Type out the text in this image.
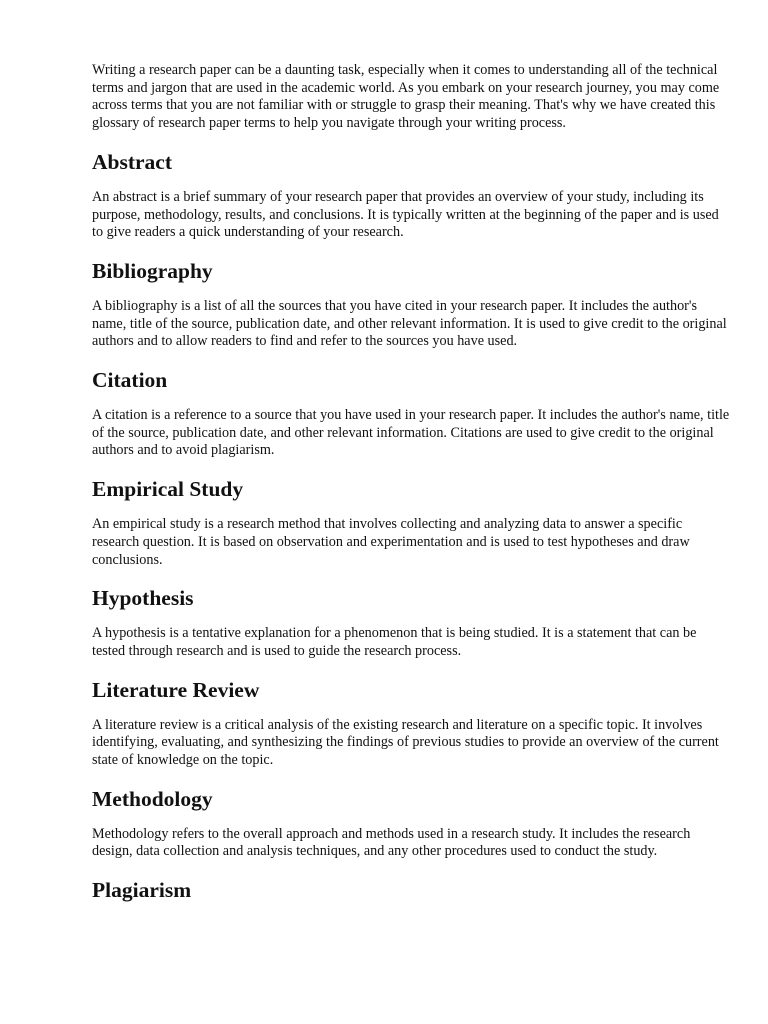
Writing a research paper can be a daunting task, especially when it comes to understanding all of the technical terms and jargon that are used in the academic world. As you embark on your research journey, you may come across terms that you are not familiar with or struggle to grasp their meaning. That's why we have created this glossary of research paper terms to help you navigate through your writing process.

Abstract

An abstract is a brief summary of your research paper that provides an overview of your study, including its purpose, methodology, results, and conclusions. It is typically written at the beginning of the paper and is used to give readers a quick understanding of your research.

Bibliography

A bibliography is a list of all the sources that you have cited in your research paper. It includes the author's name, title of the source, publication date, and other relevant information. It is used to give credit to the original authors and to allow readers to find and refer to the sources you have used.

Citation

A citation is a reference to a source that you have used in your research paper. It includes the author's name, title of the source, publication date, and other relevant information. Citations are used to give credit to the original authors and to avoid plagiarism.

Empirical Study

An empirical study is a research method that involves collecting and analyzing data to answer a specific research question. It is based on observation and experimentation and is used to test hypotheses and draw conclusions.

Hypothesis

A hypothesis is a tentative explanation for a phenomenon that is being studied. It is a statement that can be tested through research and is used to guide the research process.

Literature Review

A literature review is a critical analysis of the existing research and literature on a specific topic. It involves identifying, evaluating, and synthesizing the findings of previous studies to provide an overview of the current state of knowledge on the topic.

Methodology

Methodology refers to the overall approach and methods used in a research study. It includes the research design, data collection and analysis techniques, and any other procedures used to conduct the study.

Plagiarism
